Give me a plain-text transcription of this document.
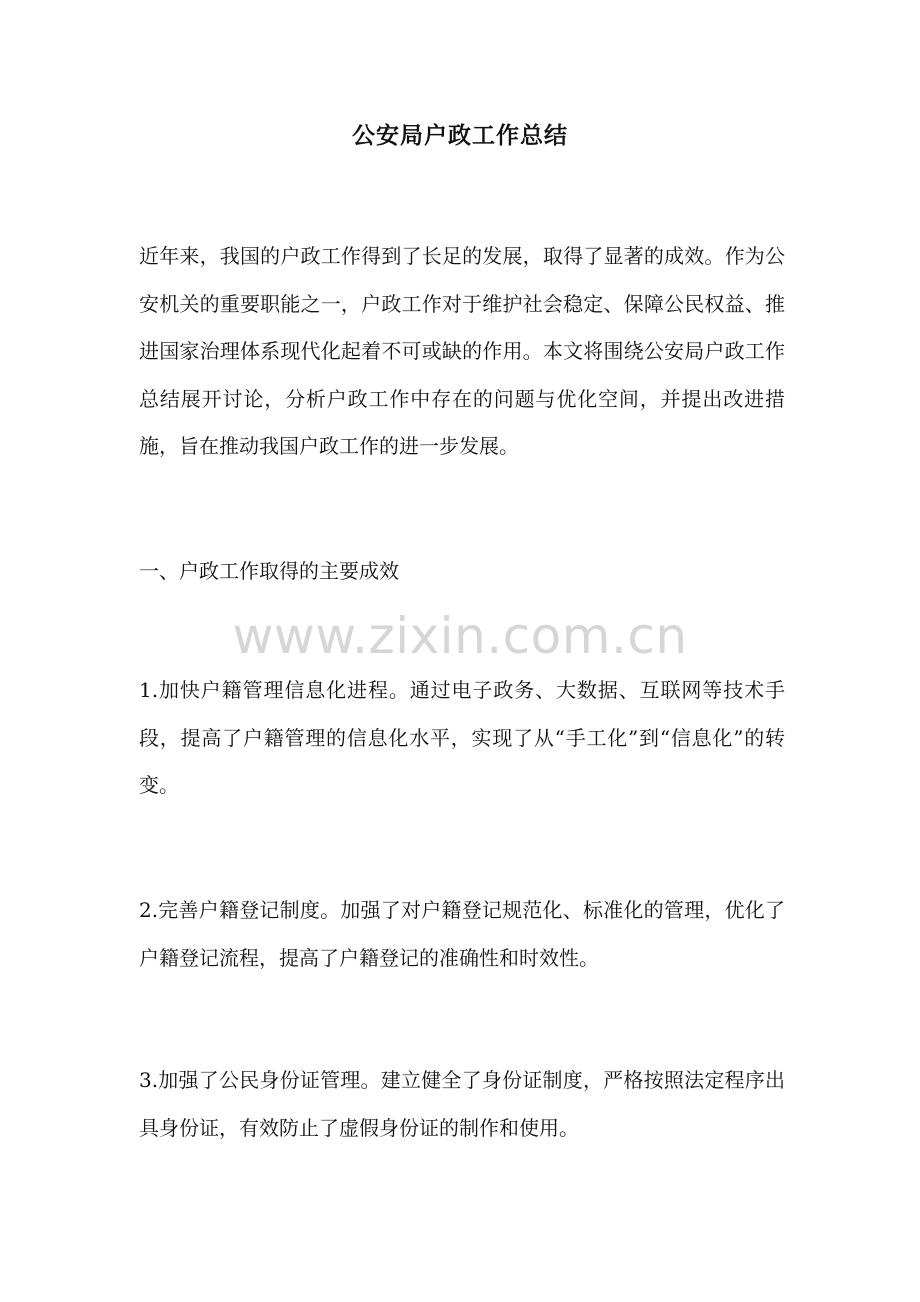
公安局户政工作总结

近年来，我国的户政工作得到了长足的发展，取得了显著的成效。作为公安机关的重要职能之一，户政工作对于维护社会稳定、保障公民权益、推进国家治理体系现代化起着不可或缺的作用。本文将围绕公安局户政工作总结展开讨论，分析户政工作中存在的问题与优化空间，并提出改进措施，旨在推动我国户政工作的进一步发展。

一、户政工作取得的主要成效

www.zixin.com.cn

1.加快户籍管理信息化进程。通过电子政务、大数据、互联网等技术手段，提高了户籍管理的信息化水平，实现了从“手工化”到“信息化”的转变。

2.完善户籍登记制度。加强了对户籍登记规范化、标准化的管理，优化了户籍登记流程，提高了户籍登记的准确性和时效性。

3.加强了公民身份证管理。建立健全了身份证制度，严格按照法定程序出具身份证，有效防止了虚假身份证的制作和使用。
